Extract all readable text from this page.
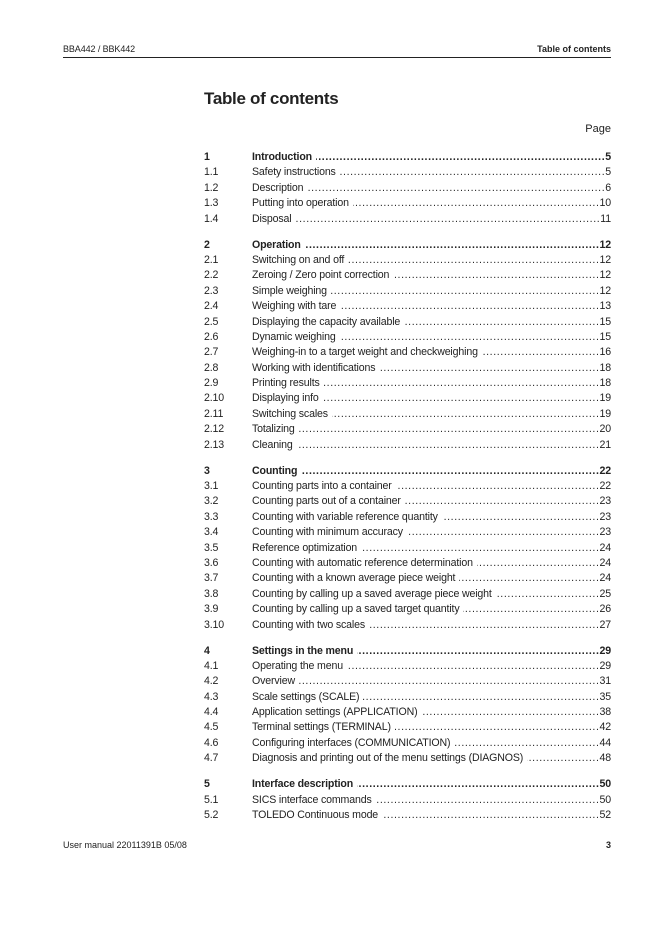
BBA442 / BBK442	Table of contents
Table of contents
Page
1	Introduction .....	5
1.1	Safety instructions .....	5
1.2	Description .....	6
1.3	Putting into operation .....	10
1.4	Disposal .....	11
2	Operation .....	12
2.1	Switching on and off .....	12
2.2	Zeroing / Zero point correction .....	12
2.3	Simple weighing .....	12
2.4	Weighing with tare .....	13
2.5	Displaying the capacity available .....	15
2.6	Dynamic weighing .....	15
2.7	Weighing-in to a target weight and checkweighing .....	16
2.8	Working with identifications .....	18
2.9	Printing results .....	18
2.10	Displaying info .....	19
2.11	Switching scales .....	19
2.12	Totalizing .....	20
2.13	Cleaning .....	21
3	Counting .....	22
3.1	Counting parts into a container .....	22
3.2	Counting parts out of a container .....	23
3.3	Counting with variable reference quantity .....	23
3.4	Counting with minimum accuracy .....	23
3.5	Reference optimization .....	24
3.6	Counting with automatic reference determination .....	24
3.7	Counting with a known average piece weight .....	24
3.8	Counting by calling up a saved average piece weight .....	25
3.9	Counting by calling up a saved target quantity .....	26
3.10	Counting with two scales .....	27
4	Settings in the menu .....	29
4.1	Operating the menu .....	29
4.2	Overview .....	31
4.3	Scale settings (SCALE) .....	35
4.4	Application settings (APPLICATION) .....	38
4.5	Terminal settings (TERMINAL) .....	42
4.6	Configuring interfaces (COMMUNICATION) .....	44
4.7	Diagnosis and printing out of the menu settings (DIAGNOS) .....	48
5	Interface description .....	50
5.1	SICS interface commands .....	50
5.2	TOLEDO Continuous mode .....	52
User manual 22011391B 05/08	3
